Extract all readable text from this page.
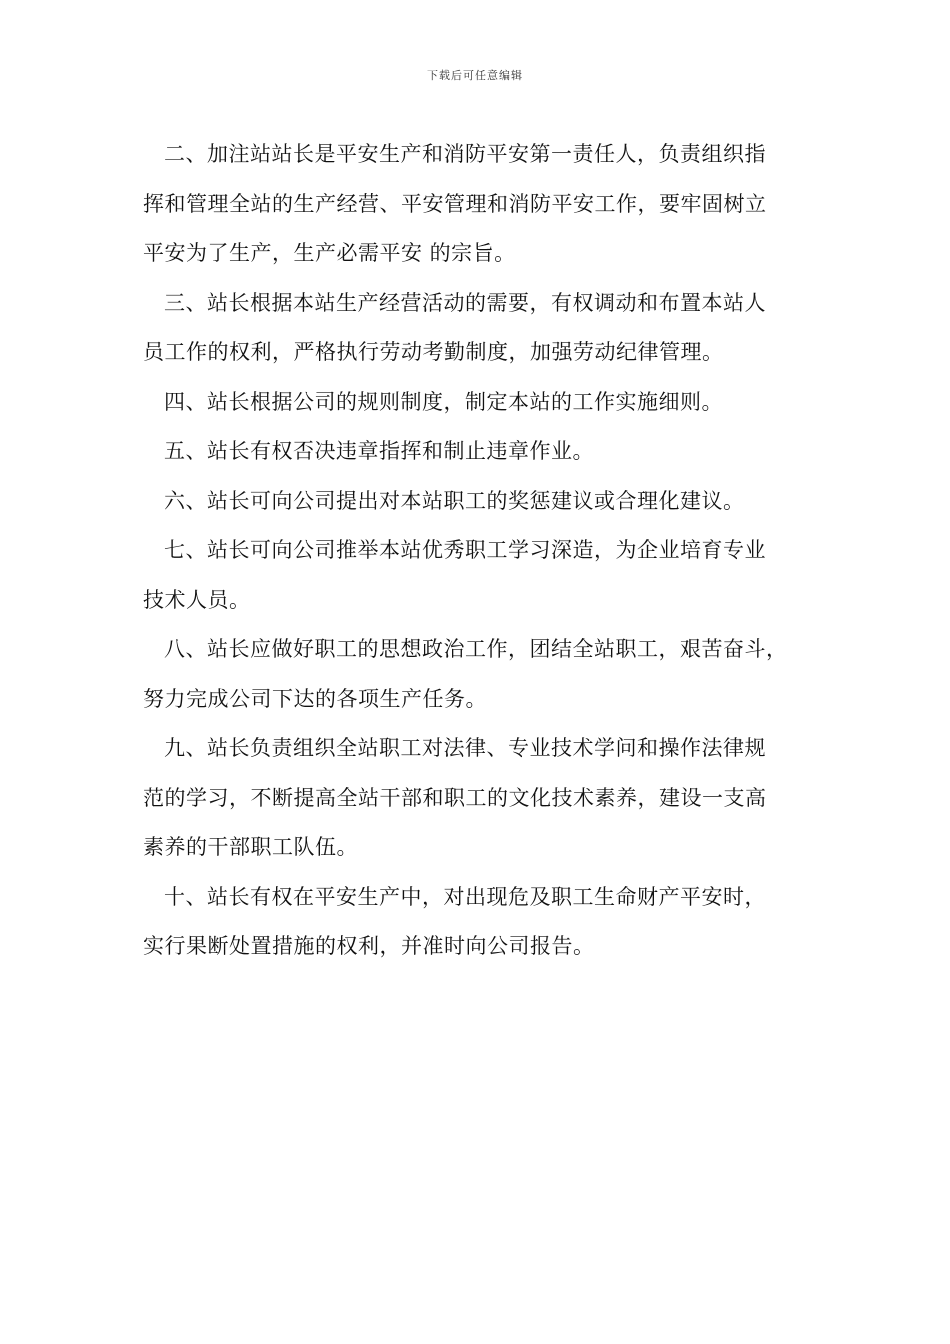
下载后可任意编辑

二、加注站站长是平安生产和消防平安第一责任人，负责组织指
挥和管理全站的生产经营、平安管理和消防平安工作，要牢固树立
平安为了生产，生产必需平安 的宗旨。

三、站长根据本站生产经营活动的需要，有权调动和布置本站人
员工作的权利，严格执行劳动考勤制度，加强劳动纪律管理。

四、站长根据公司的规则制度，制定本站的工作实施细则。

五、站长有权否决违章指挥和制止违章作业。

六、站长可向公司提出对本站职工的奖惩建议或合理化建议。

七、站长可向公司推举本站优秀职工学习深造，为企业培育专业
技术人员。

八、站长应做好职工的思想政治工作，团结全站职工，艰苦奋斗，
努力完成公司下达的各项生产任务。

九、站长负责组织全站职工对法律、专业技术学问和操作法律规
范的学习，不断提高全站干部和职工的文化技术素养，建设一支高
素养的干部职工队伍。

十、站长有权在平安生产中，对出现危及职工生命财产平安时，
实行果断处置措施的权利，并准时向公司报告。
